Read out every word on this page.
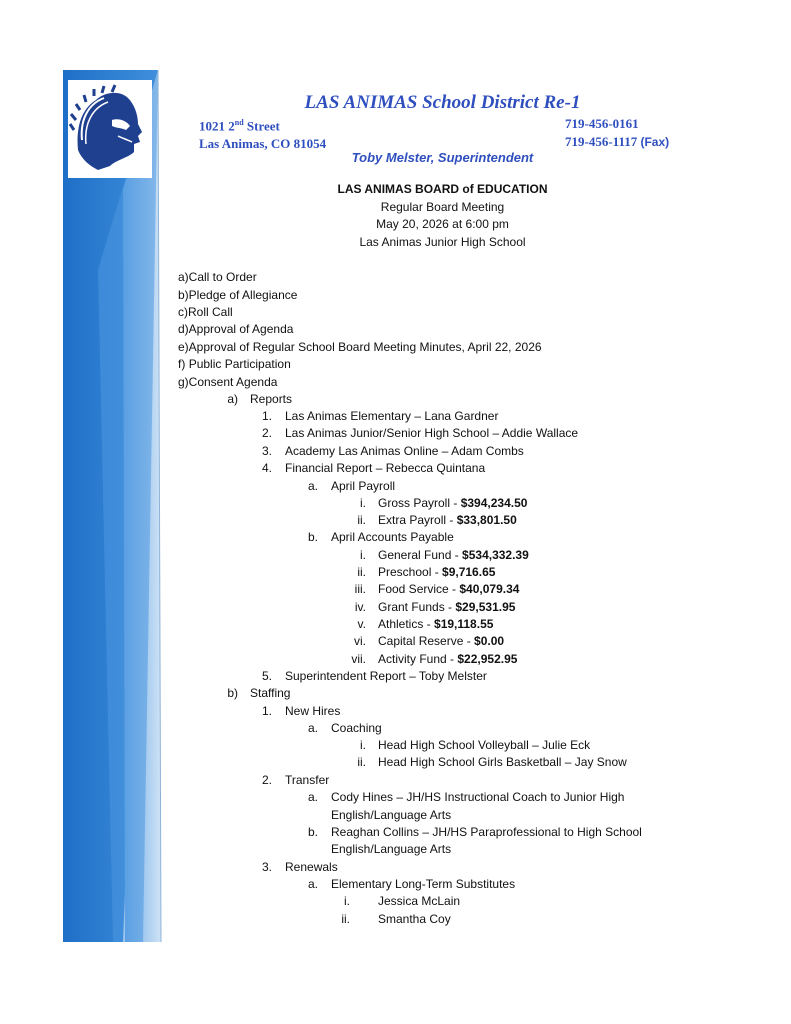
LAS ANIMAS School District Re-1
1021 2nd Street
Las Animas, CO 81054
719-456-0161
719-456-1117 (Fax)
Toby Melster, Superintendent
LAS ANIMAS BOARD of EDUCATION
Regular Board Meeting
May 20, 2026 at 6:00 pm
Las Animas Junior High School
a)Call to Order
b)Pledge of Allegiance
c)Roll Call
d)Approval of Agenda
e)Approval of Regular School Board Meeting Minutes, April 22, 2026
f) Public Participation
g)Consent Agenda
a) Reports
1. Las Animas Elementary – Lana Gardner
2. Las Animas Junior/Senior High School – Addie Wallace
3. Academy Las Animas Online – Adam Combs
4. Financial Report – Rebecca Quintana
a. April Payroll
i. Gross Payroll - $394,234.50
ii. Extra Payroll - $33,801.50
b. April Accounts Payable
i. General Fund - $534,332.39
ii. Preschool - $9,716.65
iii. Food Service - $40,079.34
iv. Grant Funds - $29,531.95
v. Athletics - $19,118.55
vi. Capital Reserve - $0.00
vii. Activity Fund - $22,952.95
5. Superintendent Report – Toby Melster
b) Staffing
1. New Hires
a. Coaching
i. Head High School Volleyball – Julie Eck
ii. Head High School Girls Basketball – Jay Snow
2. Transfer
a. Cody Hines – JH/HS Instructional Coach to Junior High
English/Language Arts
b. Reaghan Collins – JH/HS Paraprofessional to High School
English/Language Arts
3. Renewals
a. Elementary Long-Term Substitutes
i. Jessica McLain
ii. Smantha Coy
